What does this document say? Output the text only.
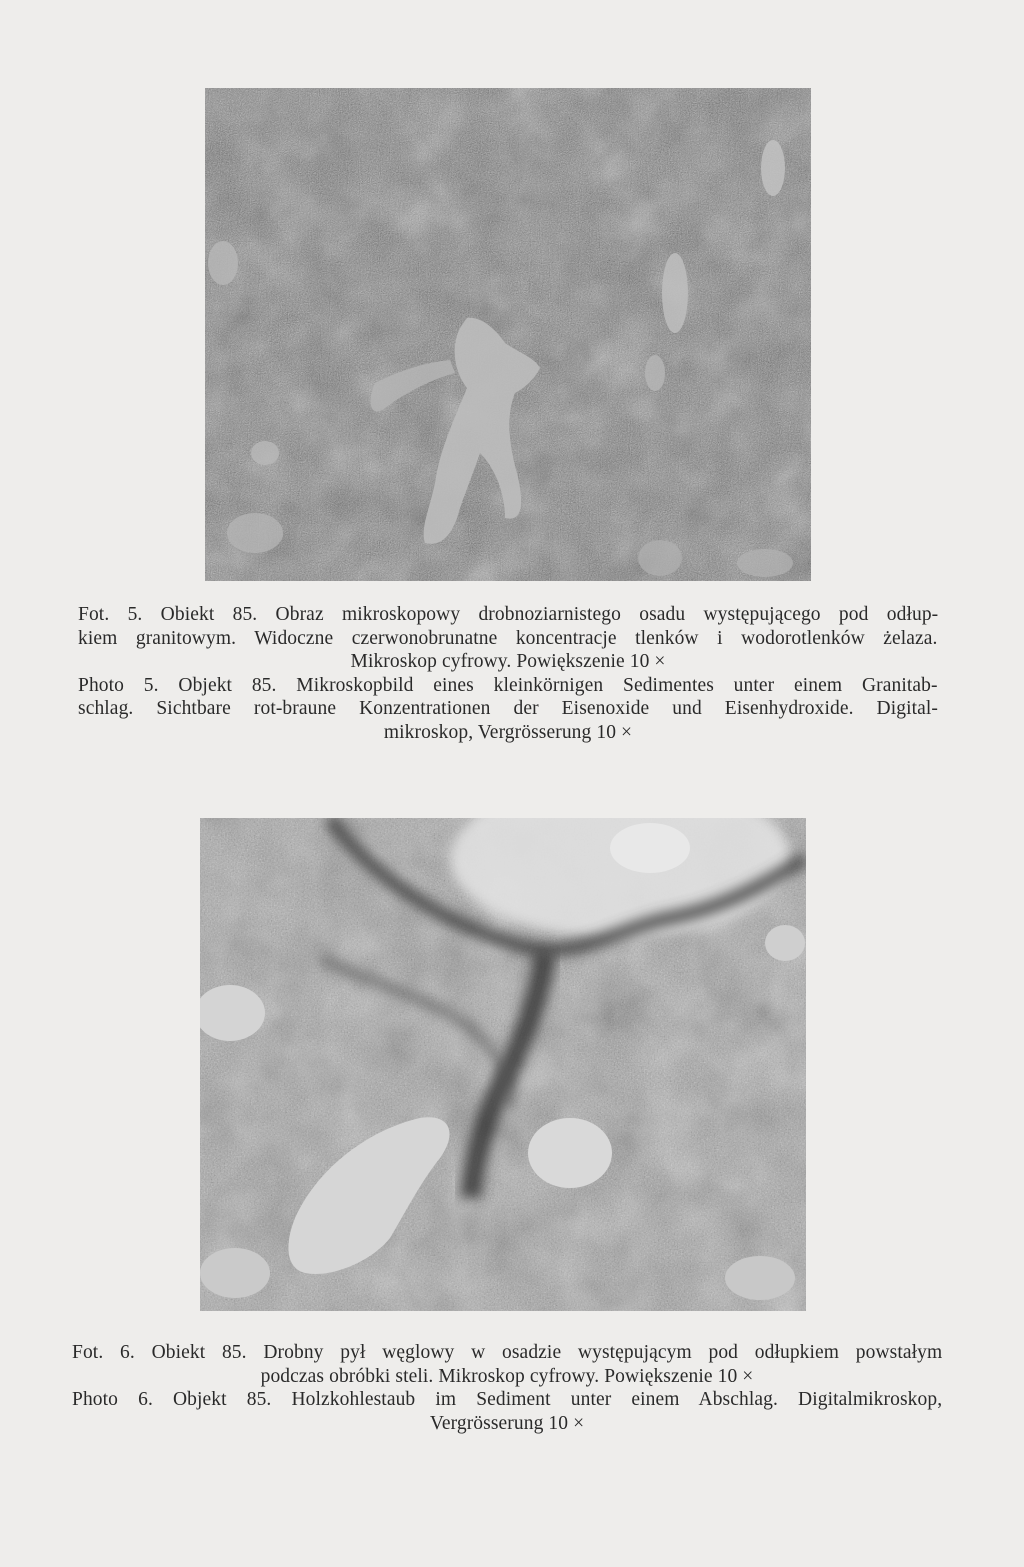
Fot. 5. Obiekt 85. Obraz mikroskopowy drobnoziarnistego osadu występującego pod odłup-
kiem granitowym. Widoczne czerwonobrunatne koncentracje tlenków i wodorotlenków żelaza.
Mikroskop cyfrowy. Powiększenie 10 ×
Photo 5. Objekt 85. Mikroskopbild eines kleinkörnigen Sedimentes unter einem Granitab-
schlag. Sichtbare rot-braune Konzentrationen der Eisenoxide und Eisenhydroxide. Digital-
mikroskop, Vergrösserung 10 ×
Fot. 6. Obiekt 85. Drobny pył węglowy w osadzie występującym pod odłupkiem powstałym
podczas obróbki steli. Mikroskop cyfrowy. Powiększenie 10 ×
Photo 6. Objekt 85. Holzkohlestaub im Sediment unter einem Abschlag. Digitalmikroskop,
Vergrösserung 10 ×
